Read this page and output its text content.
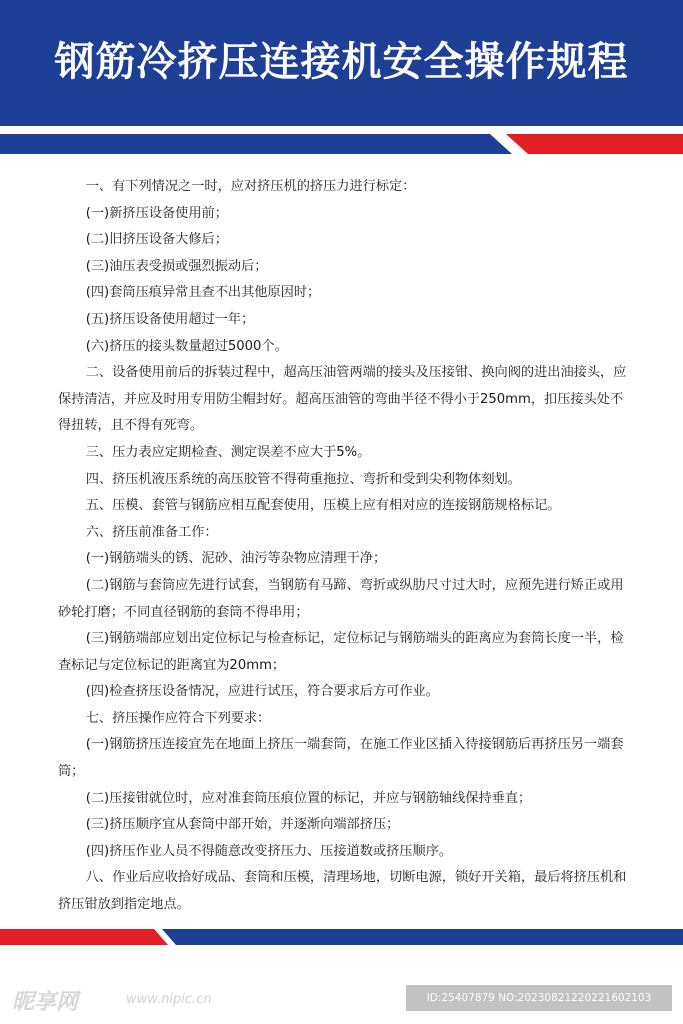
钢筋冷挤压连接机安全操作规程

一、有下列情况之一时，应对挤压机的挤压力进行标定：

(一)新挤压设备使用前；

(二)旧挤压设备大修后；

(三)油压表受损或强烈振动后；

(四)套筒压痕异常且查不出其他原因时；

(五)挤压设备使用超过一年；

(六)挤压的接头数量超过5000个。

二、设备使用前后的拆装过程中，超高压油管两端的接头及压接钳、换向阀的进出油接头，应保持清洁，并应及时用专用防尘帽封好。超高压油管的弯曲半径不得小于250mm，扣压接头处不得扭转，且不得有死弯。

三、压力表应定期检查、测定误差不应大于5%。

四、挤压机液压系统的高压胶管不得荷重拖拉、弯折和受到尖利物体刻划。

五、压模、套管与钢筋应相互配套使用，压模上应有相对应的连接钢筋规格标记。

六、挤压前准备工作：

(一)钢筋端头的锈、泥砂、油污等杂物应清理干净；

(二)钢筋与套筒应先进行试套，当钢筋有马蹄、弯折或纵肋尺寸过大时，应预先进行矫正或用砂轮打磨；不同直径钢筋的套筒不得串用；

(三)钢筋端部应划出定位标记与检查标记，定位标记与钢筋端头的距离应为套筒长度一半，检查标记与定位标记的距离宜为20mm；

(四)检查挤压设备情况，应进行试压，符合要求后方可作业。

七、挤压操作应符合下列要求：

(一)钢筋挤压连接宜先在地面上挤压一端套筒，在施工作业区插入待接钢筋后再挤压另一端套筒；

(二)压接钳就位时，应对准套筒压痕位置的标记，并应与钢筋轴线保持垂直；

(三)挤压顺序宜从套筒中部开始，并逐渐向端部挤压；

(四)挤压作业人员不得随意改变挤压力、压接道数或挤压顺序。

八、作业后应收拾好成品、套筒和压模，清理场地，切断电源，锁好开关箱，最后将挤压机和挤压钳放到指定地点。

昵享网	www.nipic.cn	ID:25407879 NO:20230821220221602103
